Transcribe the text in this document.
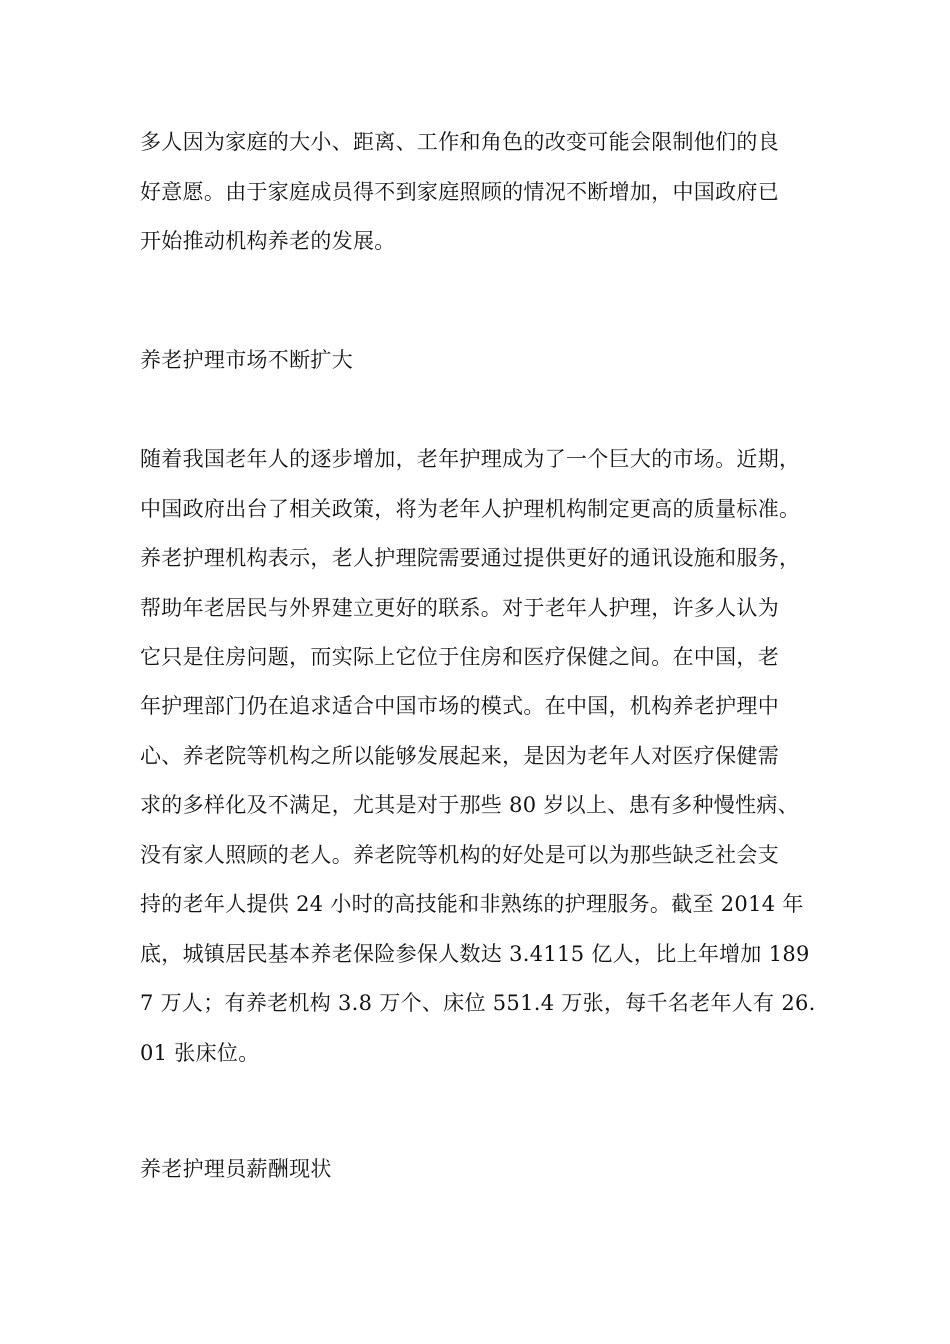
多人因为家庭的大小、距离、工作和角色的改变可能会限制他们的良

好意愿。由于家庭成员得不到家庭照顾的情况不断增加，中国政府已

开始推动机构养老的发展。

养老护理市场不断扩大

随着我国老年人的逐步增加，老年护理成为了一个巨大的市场。近期，

中国政府出台了相关政策，将为老年人护理机构制定更高的质量标准。

养老护理机构表示，老人护理院需要通过提供更好的通讯设施和服务，

帮助年老居民与外界建立更好的联系。对于老年人护理，许多人认为

它只是住房问题，而实际上它位于住房和医疗保健之间。在中国，老

年护理部门仍在追求适合中国市场的模式。在中国，机构养老护理中

心、养老院等机构之所以能够发展起来，是因为老年人对医疗保健需

求的多样化及不满足，尤其是对于那些 80 岁以上、患有多种慢性病、

没有家人照顾的老人。养老院等机构的好处是可以为那些缺乏社会支

持的老年人提供 24 小时的高技能和非熟练的护理服务。截至 2014 年

底，城镇居民基本养老保险参保人数达 3.4115 亿人，比上年增加 189

7 万人；有养老机构 3.8 万个、床位 551.4 万张，每千名老年人有 26.

01 张床位。

养老护理员薪酬现状
